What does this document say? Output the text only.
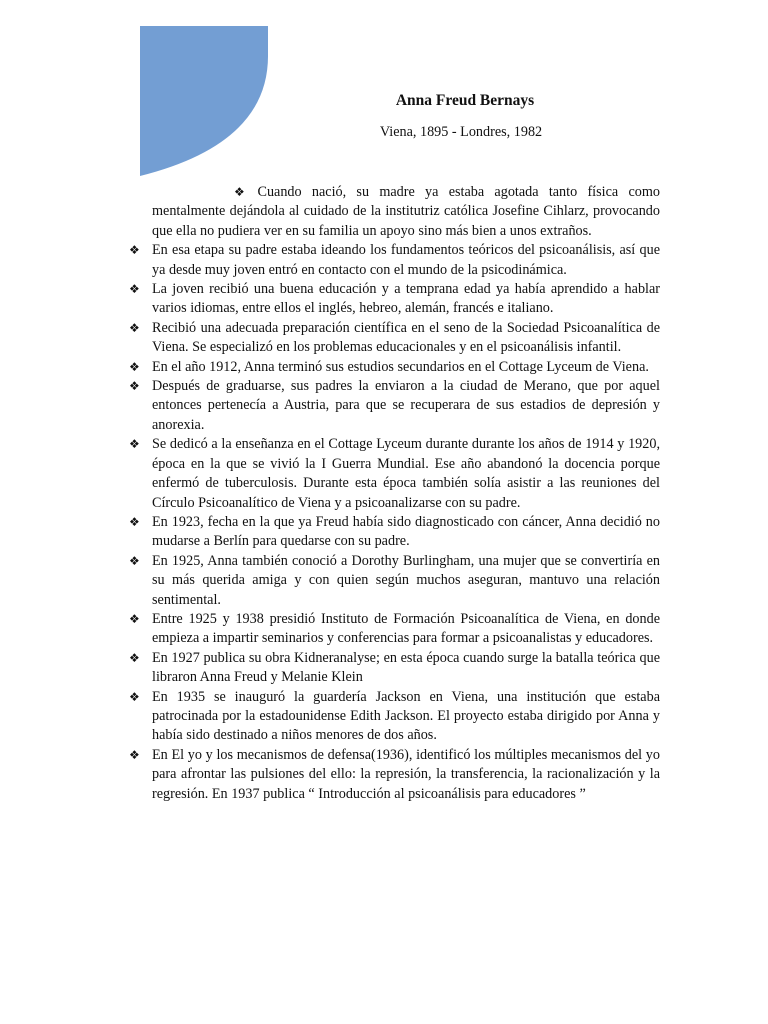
Anna Freud Bernays
Viena, 1895 - Londres, 1982

❖ Cuando nació, su madre ya estaba agotada tanto física como mentalmente dejándola al cuidado de la institutriz católica Josefine Cihlarz, provocando que ella no pudiera ver en su familia un apoyo sino más bien a unos extraños.

❖ En esa etapa su padre estaba ideando los fundamentos teóricos del psicoanálisis, así que ya desde muy joven entró en contacto con el mundo de la psicodinámica.

❖ La joven recibió una buena educación y a temprana edad ya había aprendido a hablar varios idiomas, entre ellos el inglés, hebreo, alemán, francés e italiano.

❖ Recibió una adecuada preparación científica en el seno de la Sociedad Psicoanalítica de Viena. Se especializó en los problemas educacionales y en el psicoanálisis infantil.

❖ En el año 1912, Anna terminó sus estudios secundarios en el Cottage Lyceum de Viena.

❖ Después de graduarse, sus padres la enviaron a la ciudad de Merano, que por aquel entonces pertenecía a Austria, para que se recuperara de sus estadios de depresión y anorexia.

❖ Se dedicó a la enseñanza en el Cottage Lyceum durante durante los años de 1914 y 1920, época en la que se vivió la I Guerra Mundial. Ese año abandonó la docencia porque enfermó de tuberculosis. Durante esta época también solía asistir a las reuniones del Círculo Psicoanalítico de Viena y a psicoanalizarse con su padre.

❖ En 1923, fecha en la que ya Freud había sido diagnosticado con cáncer, Anna decidió no mudarse a Berlín para quedarse con su padre.

❖ En 1925, Anna también conoció a Dorothy Burlingham, una mujer que se convertiría en su más querida amiga y con quien según muchos aseguran, mantuvo una relación sentimental.

❖ Entre 1925 y 1938 presidió Instituto de Formación Psicoanalítica de Viena, en donde empieza a impartir seminarios y conferencias para formar a psicoanalistas y educadores.

❖ En 1927 publica su obra Kidneranalyse; en esta época cuando surge la batalla teórica que libraron Anna Freud y Melanie Klein

❖ En 1935 se inauguró la guardería Jackson en Viena, una institución que estaba patrocinada por la estadounidense Edith Jackson. El proyecto estaba dirigido por Anna y había sido destinado a niños menores de dos años.

❖ En El yo y los mecanismos de defensa(1936), identificó los múltiples mecanismos del yo para afrontar las pulsiones del ello: la represión, la transferencia, la racionalización y la regresión. En 1937 publica “ Introducción al psicoanálisis para educadores ”
